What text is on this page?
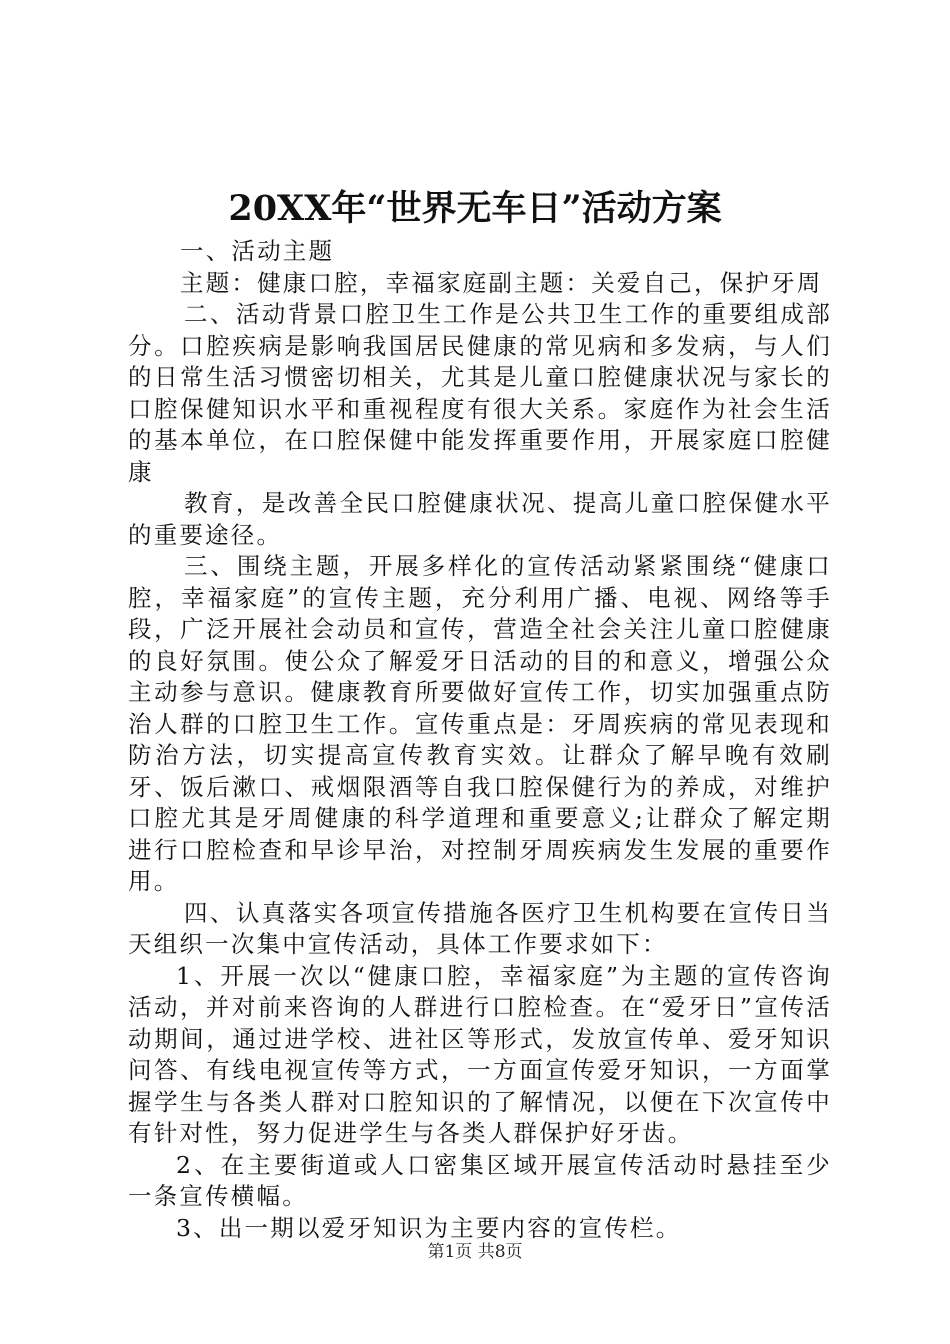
20XX年“世界无车日”活动方案

一、活动主题

主题：健康口腔，幸福家庭副主题：关爱自己，保护牙周

二、活动背景口腔卫生工作是公共卫生工作的重要组成部分。口腔疾病是影响我国居民健康的常见病和多发病，与人们的日常生活习惯密切相关，尤其是儿童口腔健康状况与家长的口腔保健知识水平和重视程度有很大关系。家庭作为社会生活的基本单位，在口腔保健中能发挥重要作用，开展家庭口腔健康

教育，是改善全民口腔健康状况、提高儿童口腔保健水平的重要途径。

三、围绕主题，开展多样化的宣传活动紧紧围绕“健康口腔，幸福家庭”的宣传主题，充分利用广播、电视、网络等手段，广泛开展社会动员和宣传，营造全社会关注儿童口腔健康的良好氛围。使公众了解爱牙日活动的目的和意义，增强公众主动参与意识。健康教育所要做好宣传工作，切实加强重点防治人群的口腔卫生工作。宣传重点是：牙周疾病的常见表现和防治方法，切实提高宣传教育实效。让群众了解早晚有效刷牙、饭后漱口、戒烟限酒等自我口腔保健行为的养成，对维护口腔尤其是牙周健康的科学道理和重要意义;让群众了解定期进行口腔检查和早诊早治，对控制牙周疾病发生发展的重要作用。

四、认真落实各项宣传措施各医疗卫生机构要在宣传日当天组织一次集中宣传活动，具体工作要求如下：

1、开展一次以“健康口腔，幸福家庭”为主题的宣传咨询活动，并对前来咨询的人群进行口腔检查。在“爱牙日”宣传活动期间，通过进学校、进社区等形式，发放宣传单、爱牙知识问答、有线电视宣传等方式，一方面宣传爱牙知识，一方面掌握学生与各类人群对口腔知识的了解情况，以便在下次宣传中有针对性，努力促进学生与各类人群保护好牙齿。

2、在主要街道或人口密集区域开展宣传活动时悬挂至少一条宣传横幅。

3、出一期以爱牙知识为主要内容的宣传栏。

第1页 共8页
